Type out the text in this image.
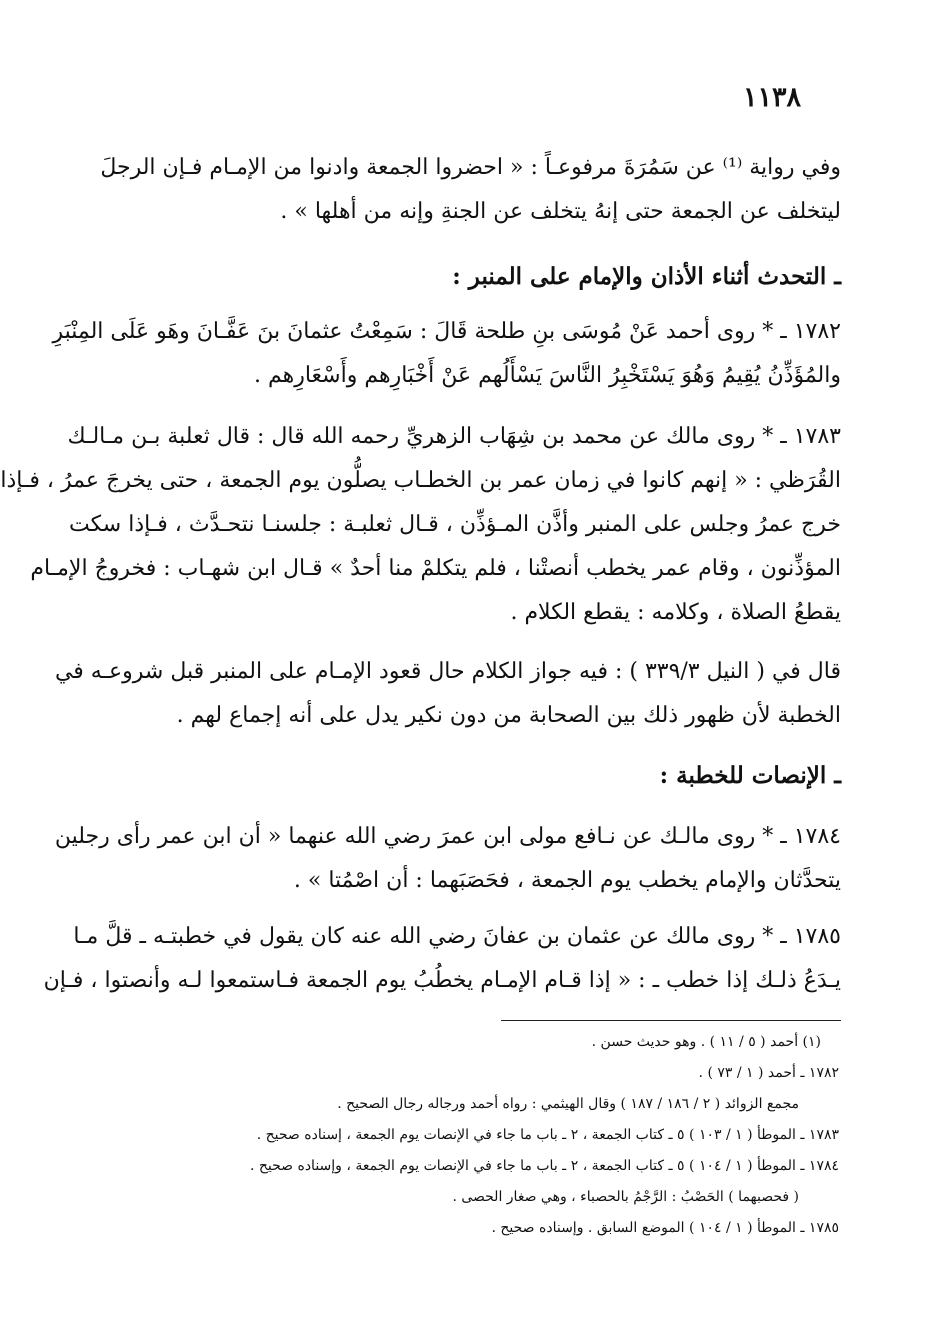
١١٣٨
وفي رواية ⁽¹⁾ عن سَمُرَةَ مرفوعـاً : « احضروا الجمعة وادنوا من الإمـام فـإن الرجلَ
ليتخلف عن الجمعة حتى إنهُ يتخلف عن الجنةِ وإنه من أهلها » .
ـ التحدث أثناء الأذان والإمام على المنبر :
١٧٨٢ ـ * روى أحمد عَنْ مُوسَى بنِ طلحة قَالَ : سَمِعْتُ عثمانَ بنَ عَفَّـانَ وهَو عَلَى المِنْبَرِ
والمُؤَذِّنُ يُقِيمُ وَهُوَ يَسْتَخْبِرُ النَّاسَ يَسْأَلُهم عَنْ أَخْبَارِهم وأَسْعَارِهم .
١٧٨٣ ـ * روى مالك عن محمد بن شِهَاب الزهريِّ رحمه الله قال : قال ثعلبة بـن مـالـك
القُرَظي : « إنهم كانوا في زمان عمر بن الخطـاب يصلُّون يوم الجمعة ، حتى يخرجَ عمرُ ، فـإذا
خرج عمرُ وجلس على المنبر وأذَّن المـؤذِّن ، قـال ثعلبـة : جلسنـا نتحـدَّث ، فـإذا سكت
المؤذِّنون ، وقام عمر يخطب أنصتْنا ، فلم يتكلمْ منا أحدٌ » قـال ابن شهـاب : فخروجُ الإمـام
يقطعُ الصلاة ، وكلامه : يقطع الكلام .
قال في ( النيل ٣٣٩/٣ ) : فيه جواز الكلام حال قعود الإمـام على المنبر قبل شروعـه في
الخطبة لأن ظهور ذلك بين الصحابة من دون نكير يدل على أنه إجماع لهم .
ـ الإنصات للخطبة :
١٧٨٤ ـ * روى مالـك عن نـافع مولى ابن عمرَ رضي الله عنهما « أن ابن عمر رأى رجلين
يتحدَّثان والإمام يخطب يوم الجمعة ، فحَصَبَهما : أن اصْمُتا » .
١٧٨٥ ـ * روى مالك عن عثمان بن عفانَ رضي الله عنه كان يقول في خطبتـه ـ قلَّ مـا
يـدَعُ ذلـك إذا خطب ـ : « إذا قـام الإمـام يخطُبُ يوم الجمعة فـاستمعوا لـه وأنصتوا ، فـإن
(١) أحمد ( ٥ / ١١ ) . وهو حديث حسن .
١٧٨٢ ـ أحمد ( ١ / ٧٣ ) .
مجمع الزوائد ( ٢ / ١٨٦ / ١٨٧ ) وقال الهيثمي : رواه أحمد ورجاله رجال الصحيح .
١٧٨٣ ـ الموطأ ( ١ / ١٠٣ ) ٥ ـ كتاب الجمعة ، ٢ ـ باب ما جاء في الإنصات يوم الجمعة ، إسناده صحيح .
١٧٨٤ ـ الموطأ ( ١ / ١٠٤ ) ٥ ـ كتاب الجمعة ، ٢ ـ باب ما جاء في الإنصات يوم الجمعة ، وإسناده صحيح .
( فحصبهما ) الحَصْبُ : الرَّجْمُ بالحصباء ، وهي صغار الحصى .
١٧٨٥ ـ الموطأ ( ١ / ١٠٤ ) الموضع السابق . وإسناده صحيح .
